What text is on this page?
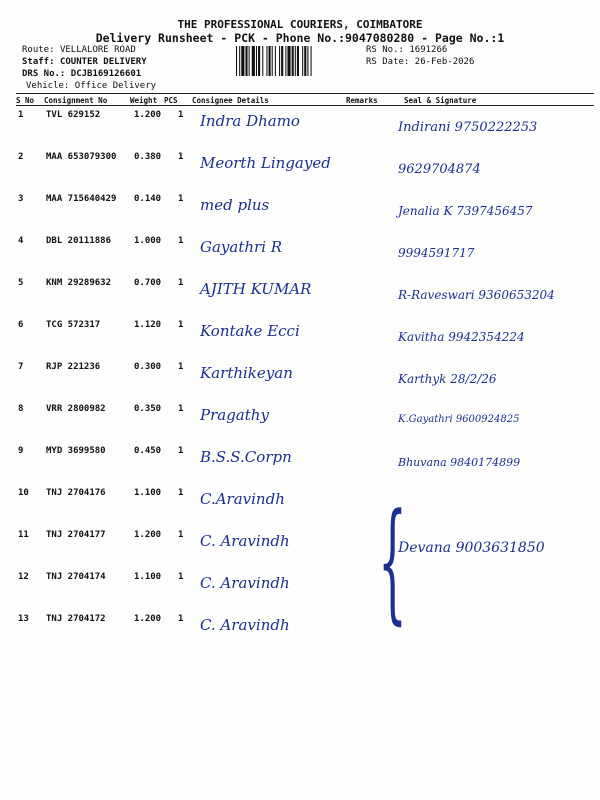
THE PROFESSIONAL COURIERS, COIMBATORE
Delivery Runsheet - PCK - Phone No.:9047080280 - Page No.:1
Route: VELLALORE ROAD
Staff: COUNTER DELIVERY
DRS No.: DCJB169126601
Vehicle: Office Delivery
RS No.: 1691266
RS Date: 26-Feb-2026
S No Consignment No	Weight PCS Consignee Details	Remarks	Seal & Signature
1	TVL 629152	1.200 1 Indra Dhamo	Indirani 9750222253
2	MAA 653079300 0.380 1 Meorth Lingayed	9629704874
3	MAA 715640429 0.140 1 med plus	Jenalia K 7397456457
4	DBL 20111886	1.000 1 Gayathri R	9994591717
5	KNM 29289632	0.700 1 AJITH KUMAR	R-Raveswari 9360653204
6	TCG 572317	1.120 1 Kontake Ecci	Kavitha 9942354224
7	RJP 221236	0.300 1 Karthikeyan	Karthyk 28/2/26
8	VRR 2800982	0.350 1 Pragathy	K.Gayathri 9600924825
9	MYD 3699580	0.450 1 B.S.S.Corpn	Bhuvana 9840174899
10 TNJ 2704176	1.100 1 C.Aravindh
11 TNJ 2704177	1.200 1 C. Aravindh	Devana 9003631850
12 TNJ 2704174	1.100 1 C. Aravindh
13 TNJ 2704172	1.200 1 C. Aravindh {
